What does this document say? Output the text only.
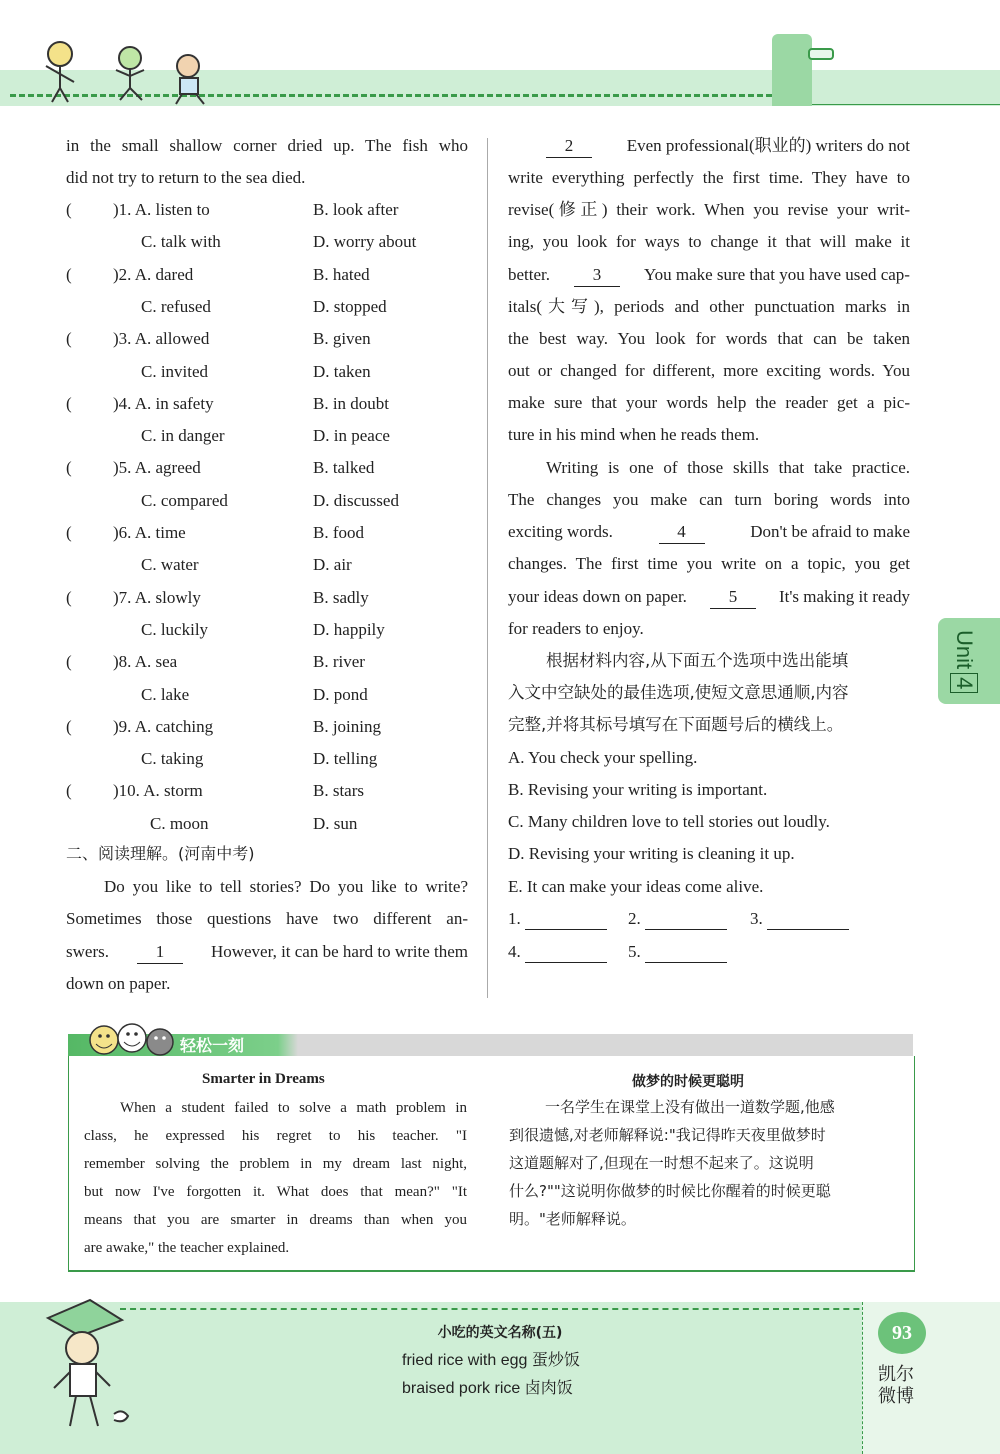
in the small shallow corner dried up. The fish who
did not try to return to the sea died.
( )1. A. listen to	B. look after
C. talk with	D. worry about
( )2. A. dared	B. hated
C. refused	D. stopped
( )3. A. allowed	B. given
C. invited	D. taken
( )4. A. in safety	B. in doubt
C. in danger	D. in peace
( )5. A. agreed	B. talked
C. compared	D. discussed
( )6. A. time	B. food
C. water	D. air
( )7. A. slowly	B. sadly
C. luckily	D. happily
( )8. A. sea	B. river
C. lake	D. pond
( )9. A. catching	B. joining
C. taking	D. telling
( )10. A. storm	B. stars
C. moon	D. sun
二、阅读理解。(河南中考)
Do you like to tell stories? Do you like to write?
Sometimes those questions have two different an-
swers.	1	However, it can be hard to write them
down on paper.
2	Even professional(职业的) writers do not
write everything perfectly the first time. They have to
revise(修正) their work. When you revise your writ-
ing, you look for ways to change it that will make it
better.	3	You make sure that you have used cap-
itals(大写), periods and other punctuation marks in
the best way. You look for words that can be taken
out or changed for different, more exciting words. You
make sure that your words help the reader get a pic-
ture in his mind when he reads them.
Writing is one of those skills that take practice.
The changes you make can turn boring words into
exciting words.	4	Don't be afraid to make
changes. The first time you write on a topic, you get
your ideas down on paper.	5	It's making it ready
for readers to enjoy.
根据材料内容,从下面五个选项中选出能填
入文中空缺处的最佳选项,使短文意思通顺,内容
完整,并将其标号填写在下面题号后的横线上。
A. You check your spelling.
B. Revising your writing is important.
C. Many children love to tell stories out loudly.
D. Revising your writing is cleaning it up.
E. It can make your ideas come alive.
1.	2.	3.
4.	5.
Unit4
轻松一刻
Smarter in Dreams
When a student failed to solve a math problem in
class, he expressed his regret to his teacher. "I
remember solving the problem in my dream last night,
but now I've forgotten it. What does that mean?" "It
means that you are smarter in dreams than when you
are awake," the teacher explained.
做梦的时候更聪明
一名学生在课堂上没有做出一道数学题,他感
到很遗憾,对老师解释说:"我记得昨天夜里做梦时
这道题解对了,但现在一时想不起来了。这说明
什么?""这说明你做梦的时候比你醒着的时候更聪
明。"老师解释说。
小吃的英文名称(五)
fried rice with egg 蛋炒饭
braised pork rice 卤肉饭
93
凯尔微博
